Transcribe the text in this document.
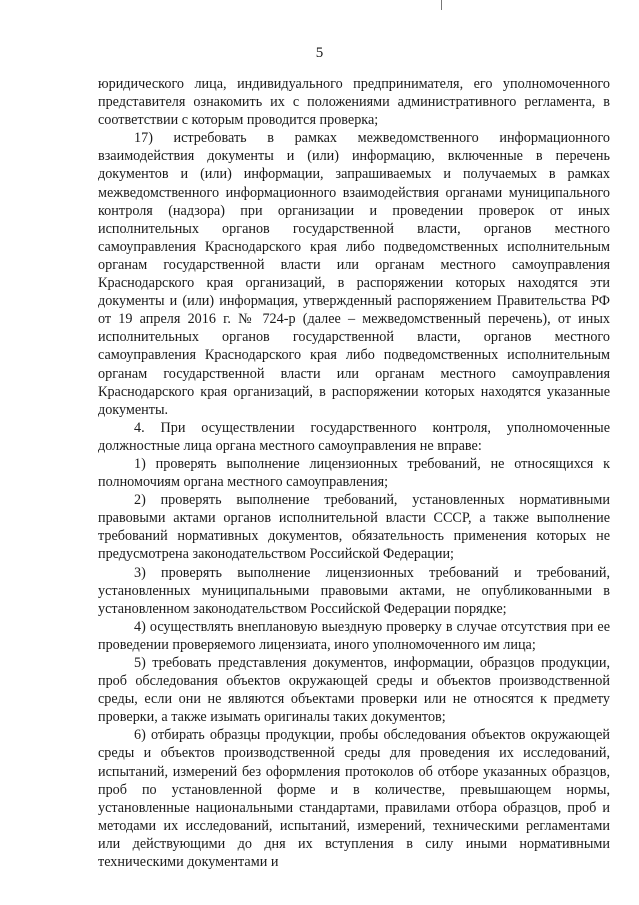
5

юридического лица, индивидуального предпринимателя, его уполномоченного представителя ознакомить их с положениями административного регламента, в соответствии с которым проводится проверка;

17) истребовать в рамках межведомственного информационного взаимодействия документы и (или) информацию, включенные в перечень документов и (или) информации, запрашиваемых и получаемых в рамках межведомственного информационного взаимодействия органами муниципального контроля (надзора) при организации и проведении проверок от иных исполнительных органов государственной власти, органов местного самоуправления Краснодарского края либо подведомственных исполнительным органам государственной власти или органам местного самоуправления Краснодарского края организаций, в распоряжении которых находятся эти документы и (или) информация, утвержденный распоряжением Правительства РФ от 19 апреля 2016 г. № 724-р (далее – межведомственный перечень), от иных исполнительных органов государственной власти, органов местного самоуправления Краснодарского края либо подведомственных исполнительным органам государственной власти или органам местного самоуправления Краснодарского края организаций, в распоряжении которых находятся указанные документы.

4. При осуществлении государственного контроля, уполномоченные должностные лица органа местного самоуправления не вправе:

1) проверять выполнение лицензионных требований, не относящихся к полномочиям органа местного самоуправления;

2) проверять выполнение требований, установленных нормативными правовыми актами органов исполнительной власти СССР, а также выполнение требований нормативных документов, обязательность применения которых не предусмотрена законодательством Российской Федерации;

3) проверять выполнение лицензионных требований и требований, установленных муниципальными правовыми актами, не опубликованными в установленном законодательством Российской Федерации порядке;

4) осуществлять внеплановую выездную проверку в случае отсутствия при ее проведении проверяемого лицензиата, иного уполномоченного им лица;

5) требовать представления документов, информации, образцов продукции, проб обследования объектов окружающей среды и объектов производственной среды, если они не являются объектами проверки или не относятся к предмету проверки, а также изымать оригиналы таких документов;

6) отбирать образцы продукции, пробы обследования объектов окружающей среды и объектов производственной среды для проведения их исследований, испытаний, измерений без оформления протоколов об отборе указанных образцов, проб по установленной форме и в количестве, превышающем нормы, установленные национальными стандартами, правилами отбора образцов, проб и методами их исследований, испытаний, измерений, техническими регламентами или действующими до дня их вступления в силу иными нормативными техническими документами и
